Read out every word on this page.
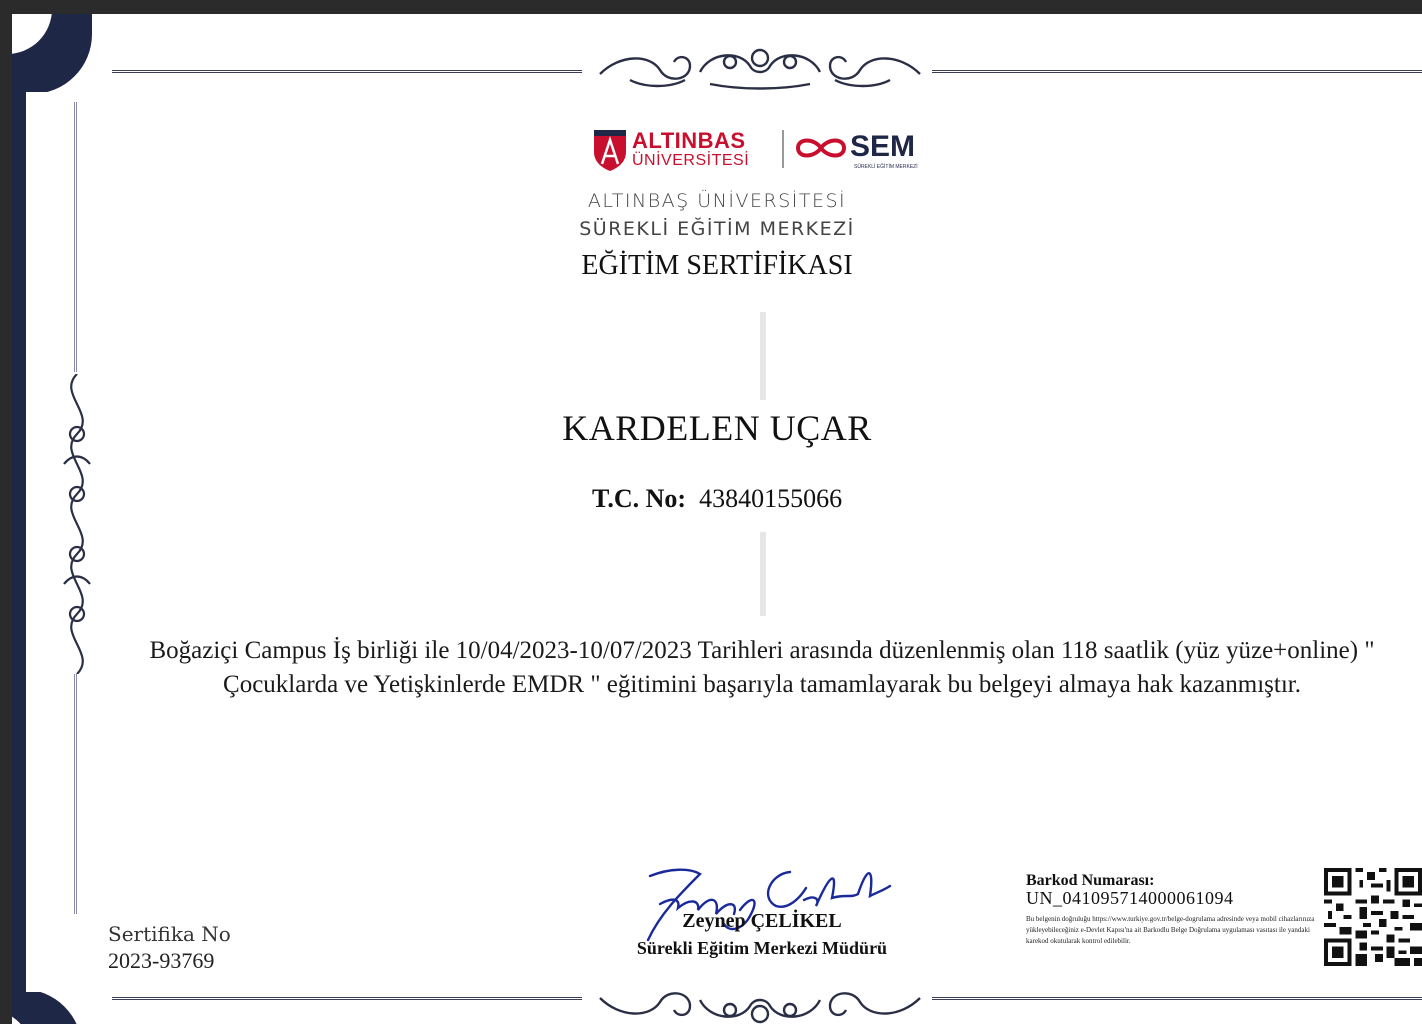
ALTINBAS
ÜNİVERSİTESİ	SEM
SÜREKLİ EĞİTİM MERKEZİ
ALTINBAŞ ÜNİVERSİTESİ
SÜREKLİ EĞİTİM MERKEZİ
EĞİTİM SERTİFİKASI
KARDELEN UÇAR
T.C. No: 43840155066
Boğaziçi Campus İş birliği ile 10/04/2023-10/07/2023 Tarihleri arasında düzenlenmiş olan 118 saatlik (yüz yüze+online) " Çocuklarda ve Yetişkinlerde EMDR " eğitimini başarıyla tamamlayarak bu belgeyi almaya hak kazanmıştır.
Sertifika No
2023-93769
Zeynep ÇELİKEL
Sürekli Eğitim Merkezi Müdürü
Barkod Numarası:
UN_041095714000061094
Bu belgenin doğruluğu https://www.turkiye.gov.tr/belge-dogrulama adresinde veya mobil cihazlarınıza yükleyebileceğiniz e-Devlet Kapısı'na ait Barkodlu Belge Doğrulama uygulaması vasıtası ile yandaki karekod okutularak kontrol edilebilir.
